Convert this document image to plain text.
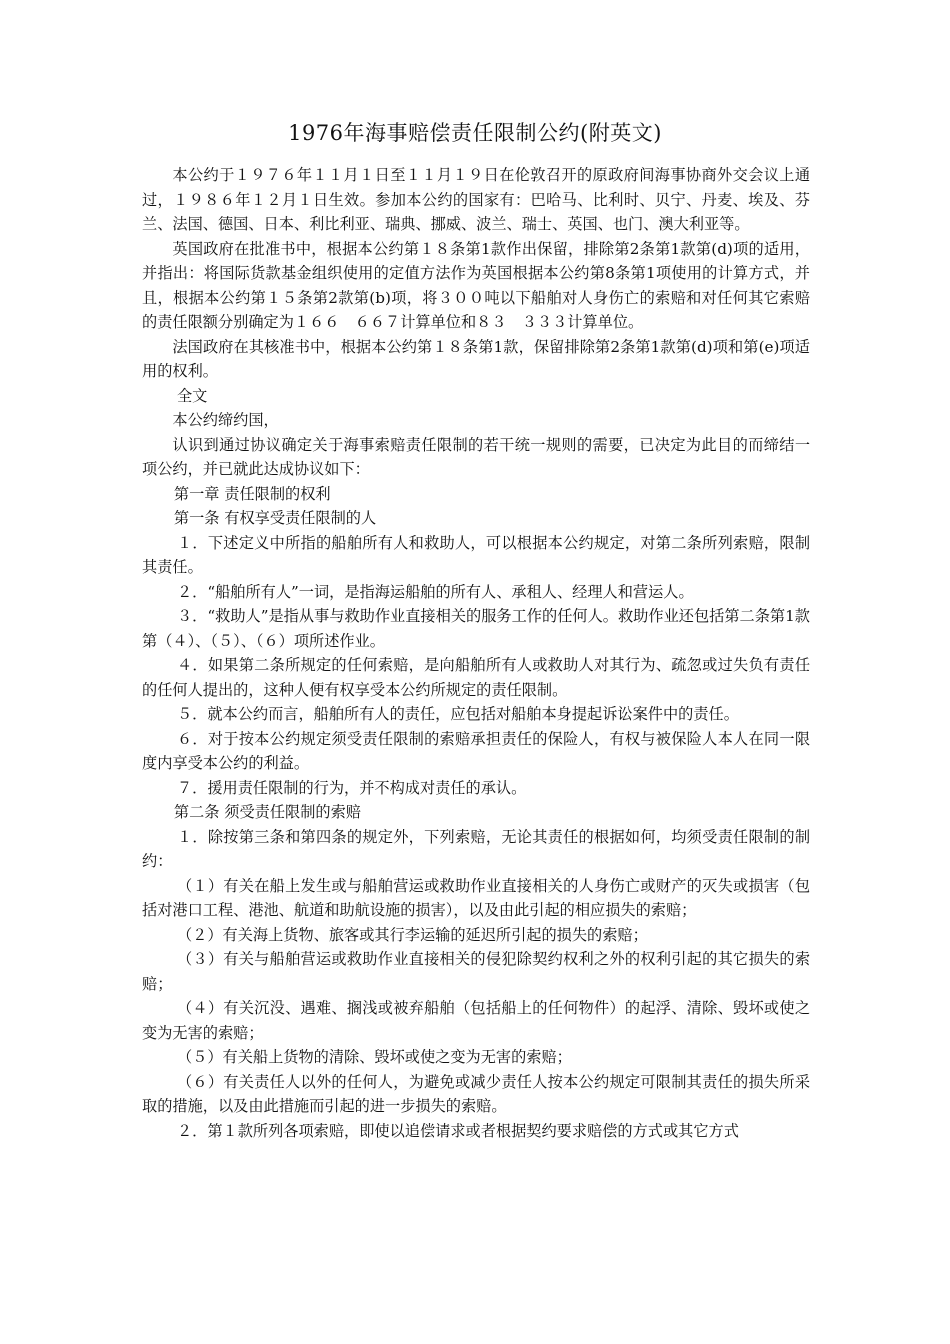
1976年海事赔偿责任限制公约(附英文)

本公约于１９７６年１１月１日至１１月１９日在伦敦召开的原政府间海事协商外交会议上通过，１９８６年１２月１日生效。参加本公约的国家有：巴哈马、比利时、贝宁、丹麦、埃及、芬兰、法国、德国、日本、利比利亚、瑞典、挪威、波兰、瑞士、英国、也门、澳大利亚等。

英国政府在批准书中，根据本公约第１８条第1款作出保留，排除第2条第1款第(d)项的适用，并指出：将国际货款基金组织使用的定值方法作为英国根据本公约第8条第1项使用的计算方式，并且，根据本公约第１５条第2款第(b)项，将３００吨以下船舶对人身伤亡的索赔和对任何其它索赔的责任限额分别确定为１６６　６６７计算单位和８３　３３３计算单位。

法国政府在其核准书中，根据本公约第１８条第1款，保留排除第2条第1款第(d)项和第(e)项适用的权利。

全文

本公约缔约国，

认识到通过协议确定关于海事索赔责任限制的若干统一规则的需要，已决定为此目的而缔结一项公约，并已就此达成协议如下：

第一章 责任限制的权利

第一条 有权享受责任限制的人

１．下述定义中所指的船舶所有人和救助人，可以根据本公约规定，对第二条所列索赔，限制其责任。

２．“船舶所有人”一词，是指海运船舶的所有人、承租人、经理人和营运人。

３．“救助人”是指从事与救助作业直接相关的服务工作的任何人。救助作业还包括第二条第1款第（４）、（５）、（６）项所述作业。

４．如果第二条所规定的任何索赔，是向船舶所有人或救助人对其行为、疏忽或过失负有责任的任何人提出的，这种人便有权享受本公约所规定的责任限制。

５．就本公约而言，船舶所有人的责任，应包括对船舶本身提起诉讼案件中的责任。

６．对于按本公约规定须受责任限制的索赔承担责任的保险人，有权与被保险人本人在同一限度内享受本公约的利益。

７．援用责任限制的行为，并不构成对责任的承认。

第二条 须受责任限制的索赔

１．除按第三条和第四条的规定外，下列索赔，无论其责任的根据如何，均须受责任限制的制约：

（１）有关在船上发生或与船舶营运或救助作业直接相关的人身伤亡或财产的灭失或损害（包括对港口工程、港池、航道和助航设施的损害），以及由此引起的相应损失的索赔；

（２）有关海上货物、旅客或其行李运输的延迟所引起的损失的索赔；

（３）有关与船舶营运或救助作业直接相关的侵犯除契约权利之外的权利引起的其它损失的索赔；

（４）有关沉没、遇难、搁浅或被弃船舶（包括船上的任何物件）的起浮、清除、毁坏或使之变为无害的索赔；

（５）有关船上货物的清除、毁坏或使之变为无害的索赔；

（６）有关责任人以外的任何人，为避免或减少责任人按本公约规定可限制其责任的损失所采取的措施，以及由此措施而引起的进一步损失的索赔。

２．第１款所列各项索赔，即使以追偿请求或者根据契约要求赔偿的方式或其它方式
